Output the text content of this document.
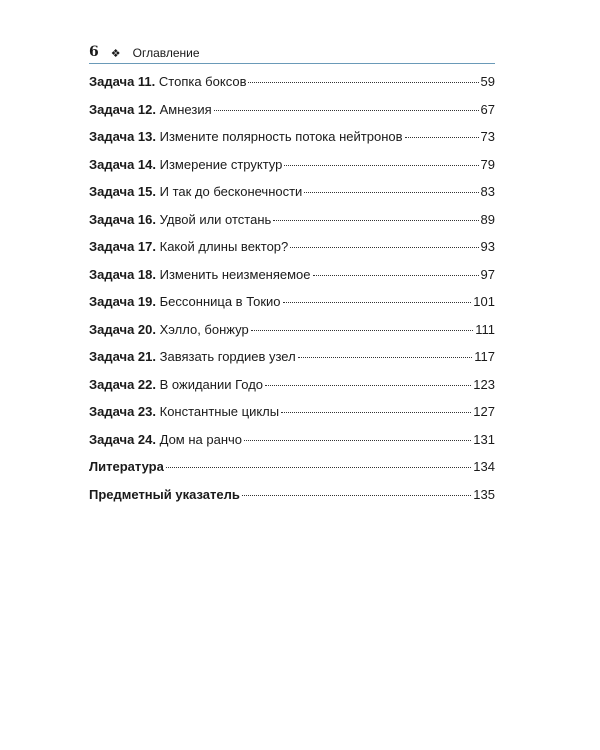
6 ❖ Оглавление
Задача 11. Стопка боксов	59
Задача 12. Амнезия	67
Задача 13. Измените полярность потока нейтронов	73
Задача 14. Измерение структур	79
Задача 15. И так до бесконечности	83
Задача 16. Удвой или отстань	89
Задача 17. Какой длины вектор?	93
Задача 18. Изменить неизменяемое	97
Задача 19. Бессонница в Токио	101
Задача 20. Хэлло, бонжур	111
Задача 21. Завязать гордиев узел	117
Задача 22. В ожидании Годо	123
Задача 23. Константные циклы	127
Задача 24. Дом на ранчо	131
Литература	134
Предметный указатель	135
